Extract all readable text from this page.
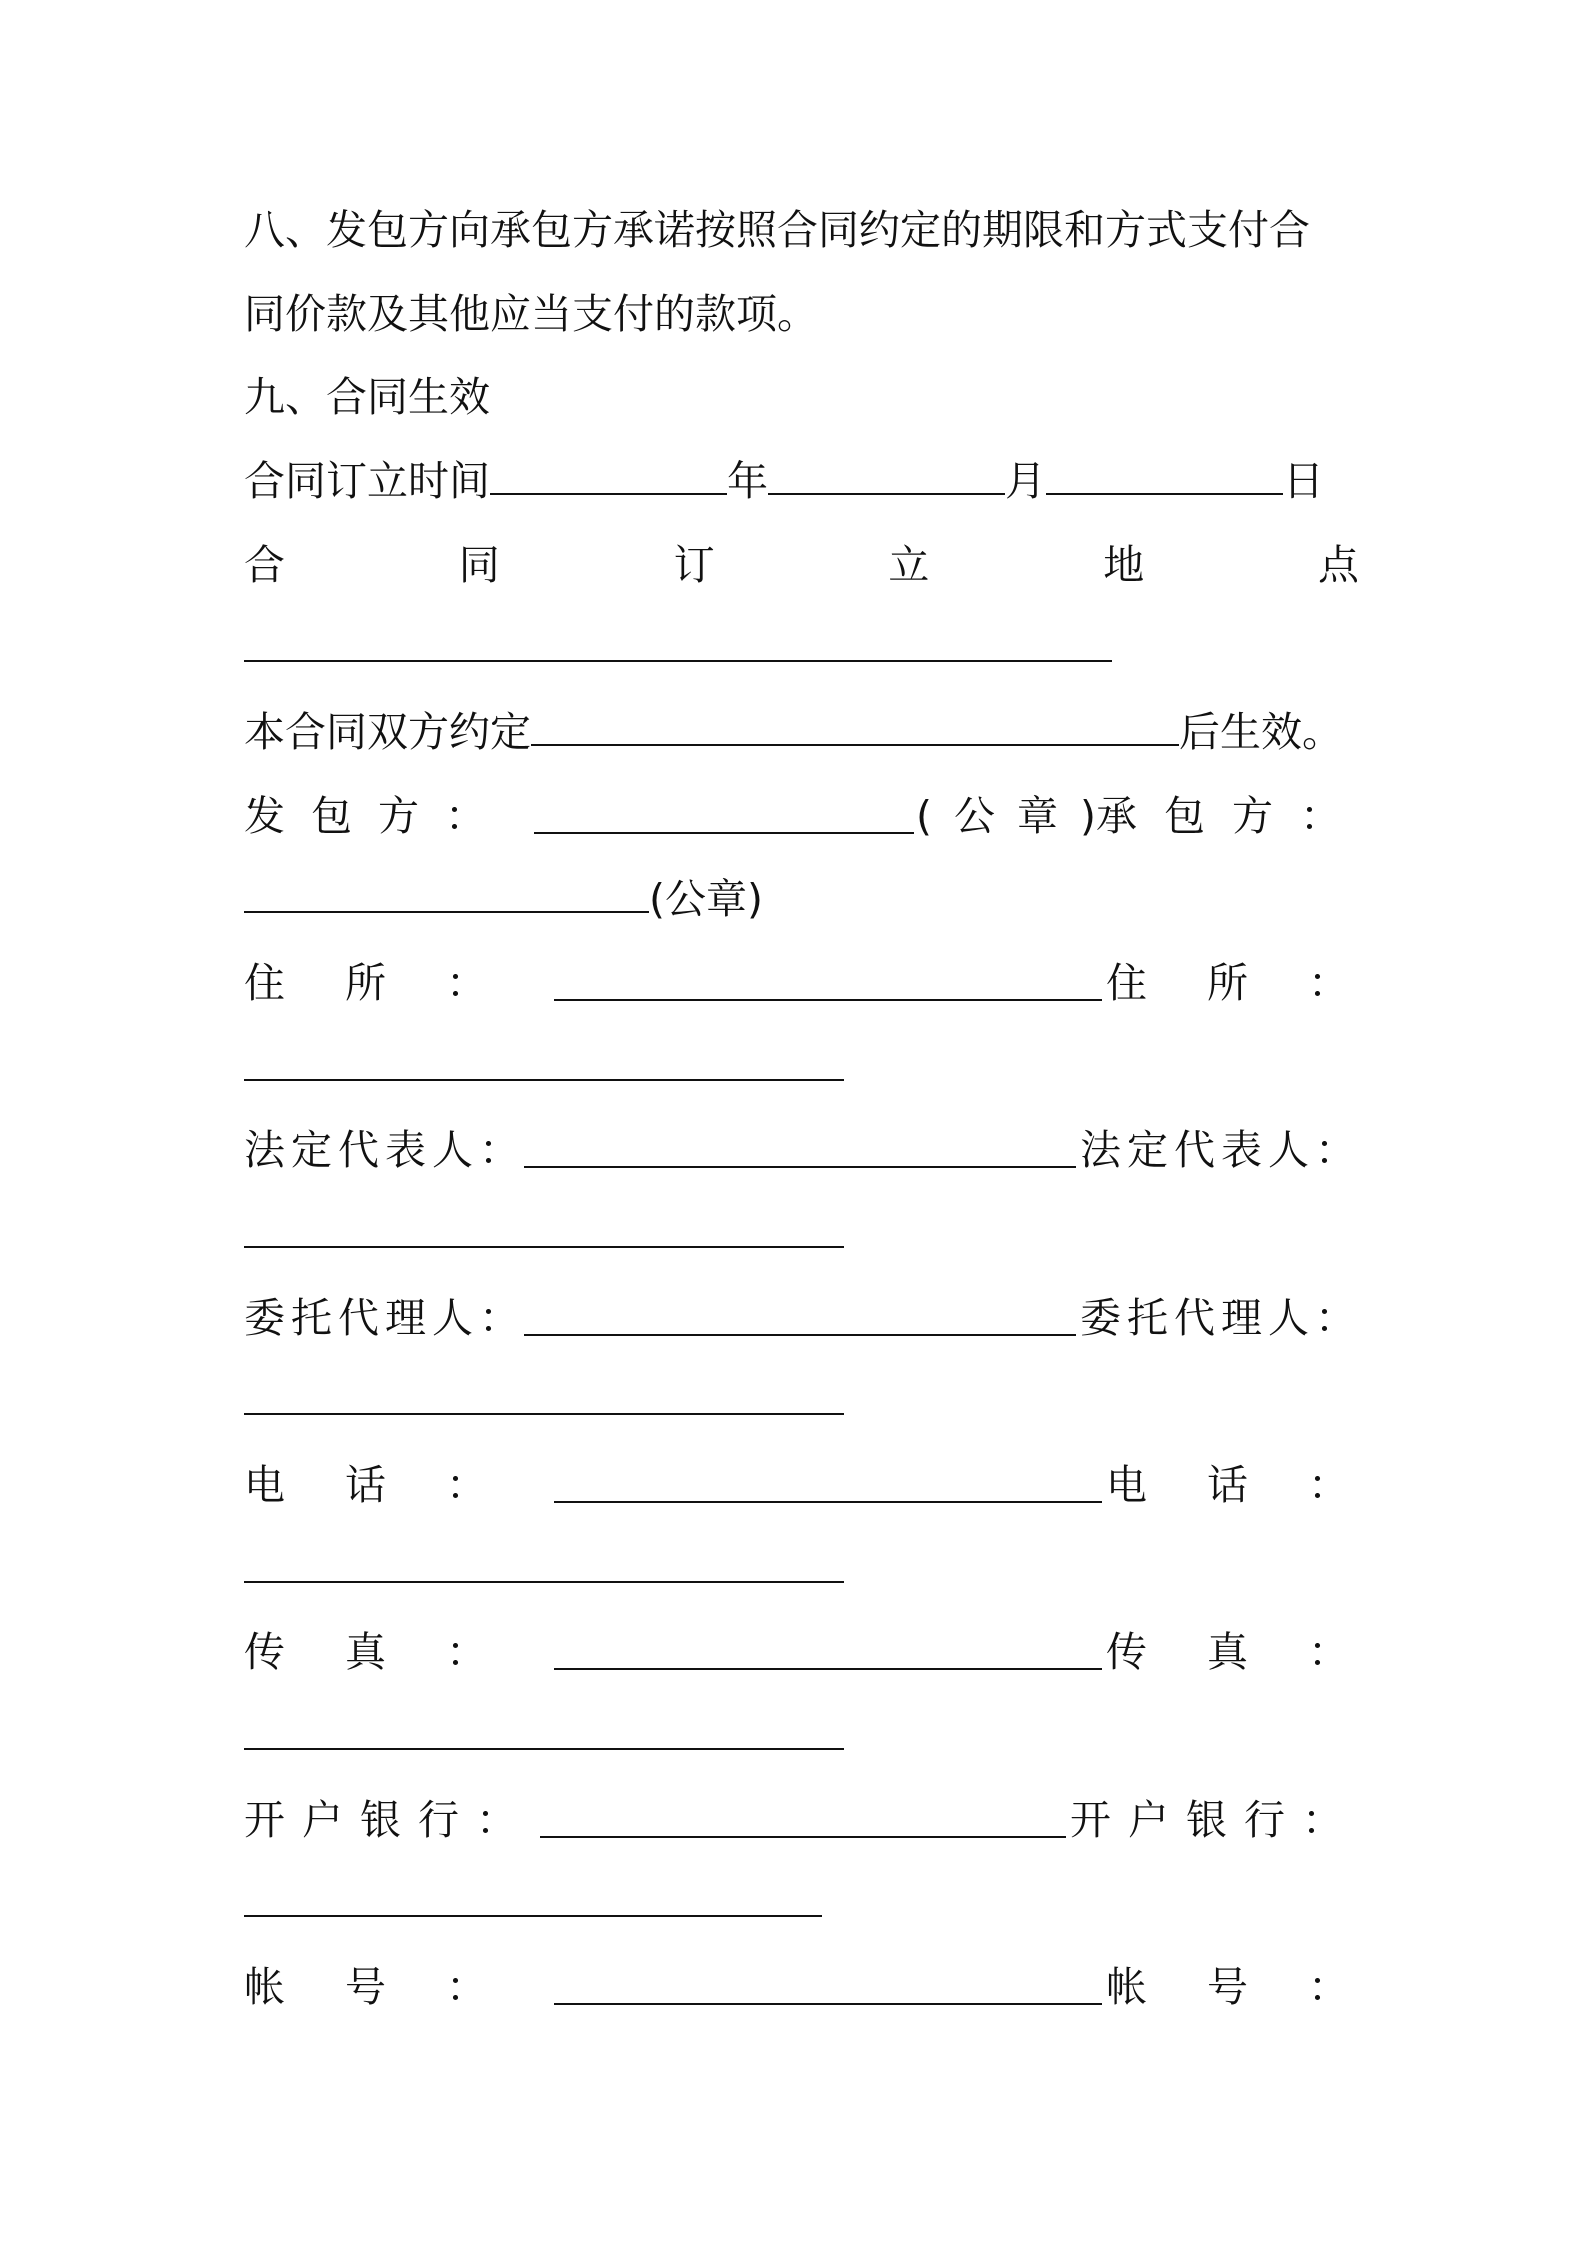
八、发包方向承包方承诺按照合同约定的期限和方式支付合
同价款及其他应当支付的款项。
九、合同生效
合同订立时间	年	月	日
合	同	订	立	地	点
本合同双方约定	后生效。
发包方：	(公章)
承包方：
(公章)
住所：	住所：
法定代表人：	法定代表人：
委托代理人：	委托代理人：
电话：	电话：
传真：	传真：
开户银行：	开户银行：
帐号：	帐号：
